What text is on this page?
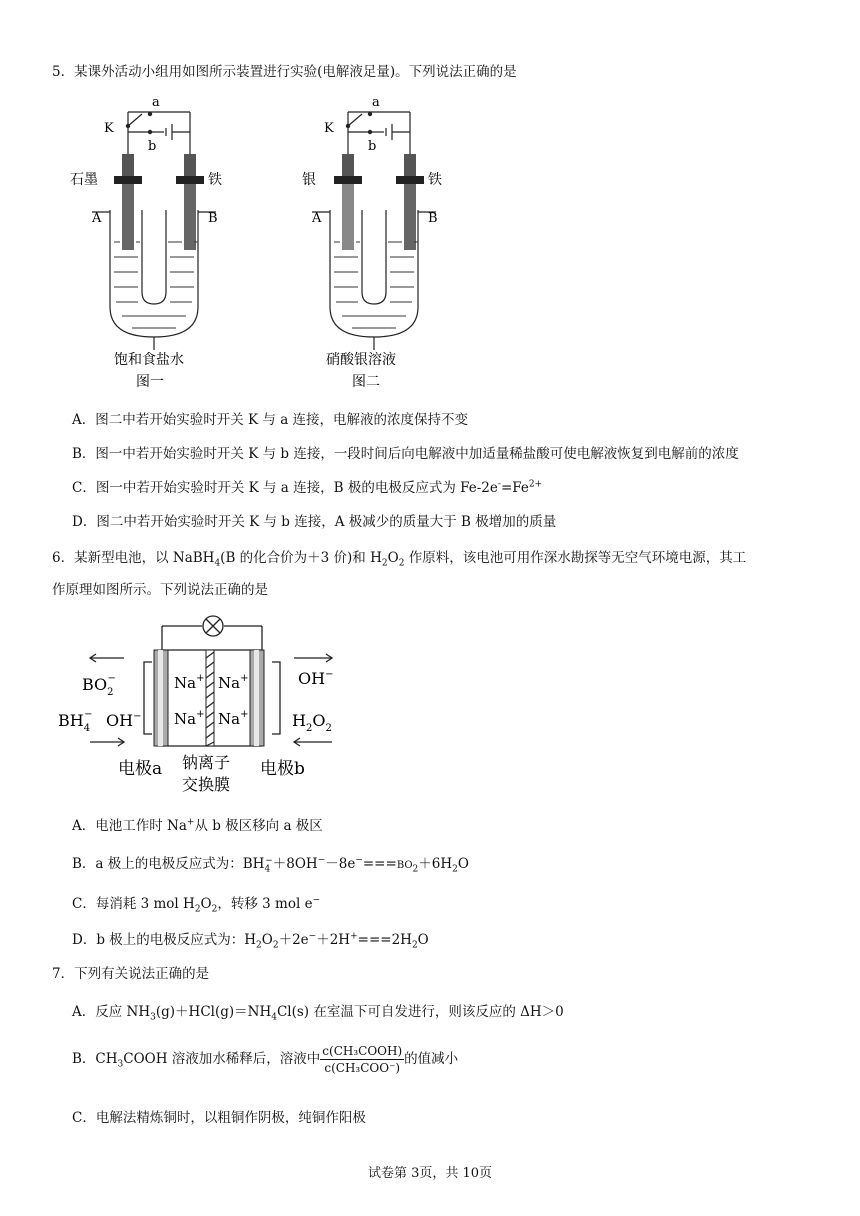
5．某课外活动小组用如图所示装置进行实验(电解液足量)。下列说法正确的是
a
K
b
石墨	铁
A	B
饱和食盐水
图一
a
K
b
银	铁
A	B
硝酸银溶液
图二
A．图二中若开始实验时开关 K 与 a 连接，电解液的浓度保持不变
B．图一中若开始实验时开关 K 与 b 连接，一段时间后向电解液中加适量稀盐酸可使电解液恢复到电解前的浓度
C．图一中若开始实验时开关 K 与 a 连接，B 极的电极反应式为 $Fe-2e^-=Fe^{2+}$
D．图二中若开始实验时开关 K 与 b 连接，A 极减少的质量大于 B 极增加的质量
6．某新型电池，以 NaBH$_4$(B 的化合价为＋3 价)和 $H_2O_2$ 作原料，该电池可用作深水勘探等无空气环境电源，其工
作原理如图所示。下列说法正确的是
Na+ Na+
Na+ Na+
$BO_2-$
$BH_4- OH^-$
OH−
$H_2O_2$
电极a	电极b
钠离子
交换膜
A．电池工作时 Na+从 b 极区移向 a 极区
B．a 极上的电极反应式为：$BH_4^-+8OH^--8e^-===BO_2+6H_2O$
C．每消耗 3 mol $H_2O_2$，转移 3 mol e−
D．b 极上的电极反应式为：$H_2O_2+2e^-+2H^+===2H_2O$
7．下列有关说法正确的是
A．反应 $NH_3(g)+HCl(g)=NH_4Cl(s)$ 在室温下可自发进行，则该反应的 ΔH＞0
B．$CH_3COOH$ 溶液加水稀释后，溶液中 $\frac{\text{c(CH₃COOH)}}{\text{c(CH₃COO⁻)}}$ 的值减小
C．电解法精炼铜时，以粗铜作阴极，纯铜作阳极
试卷第 3页，共 10页
